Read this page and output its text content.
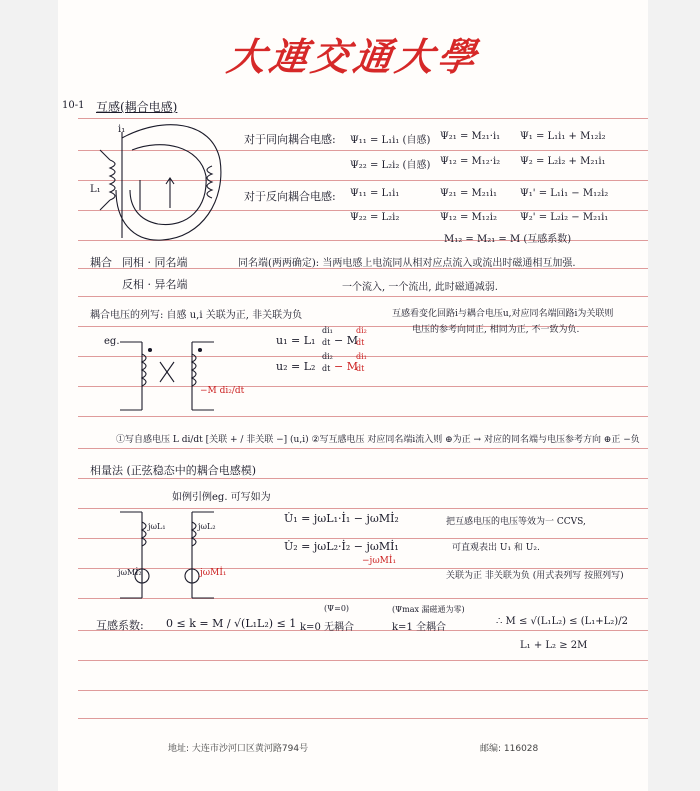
大連交通大學
10-1 互感(耦合电感)
i₁
L₁
对于同向耦合电感: Ψ₁₁ = L₁i₁ (自感) Ψ₂₁ = M₂₁·i₁ Ψ₁ = L₁i₁ + M₁₂i₂
Ψ₂₂ = L₂i₂ (自感) Ψ₁₂ = M₁₂·i₂ Ψ₂ = L₂i₂ + M₂₁i₁
对于反向耦合电感: Ψ₁₁ = L₁i₁	Ψ₂₁ = M₂₁i₁ Ψ₁' = L₁i₁ − M₁₂i₂
Ψ₂₂ = L₂i₂	Ψ₁₂ = M₁₂i₂ Ψ₂' = L₂i₂ − M₂₁i₁
M₁₂ = M₂₁ = M (互感系数)
耦合 同相 · 同名端
反相 · 异名端
同名端(两两确定): 当两电感上电流同从相对应点流入或流出时磁通相互加强.
一个流入, 一个流出, 此时磁通减弱.
耦合电压的列写: 自感 u,i 关联为正, 非关联为负	互感看变化回路i与耦合电压u,对应同名端回路i为关联则
电压的参考向同正, 相同为正, 不一致为负.
eg.	u₁ = L₁
di₁
dt − M
di₂
dt
u₂ = L₂
di₂
dt − M
di₁
dt
−M di₂/dt
①写自感电压 L di/dt [关联 + / 非关联 −] (u,i) ②写互感电压 对应同名端i流入则 ⊕为正 → 对应的同名端与电压参考方向 ⊕正 −负
相量法 (正弦稳态中的耦合电感模)
如例引例eg. 可写如为
jωL₁	jωL₂
jωMİ₂	jωMİ₁
U̇₁ = jωL₁·İ₁ − jωMİ₂
U̇₂ = jωL₂·İ₂ − jωMİ₁
−jωMİ₁
把互感电压的电压等效为一 CCVS,
可直观表出 U₁ 和 U₂.
关联为正 非关联为负 (用式表列写 按照列写)
互感系数: 0 ≤ k = M / √(L₁L₂) ≤ 1
(Ψ=0)
k=0 无耦合
(Ψmax 漏磁通为零)
k=1 全耦合
∴ M ≤ √(L₁L₂) ≤ (L₁+L₂)/2
L₁ + L₂ ≥ 2M
地址: 大连市沙河口区黄河路794号	邮编: 116028
